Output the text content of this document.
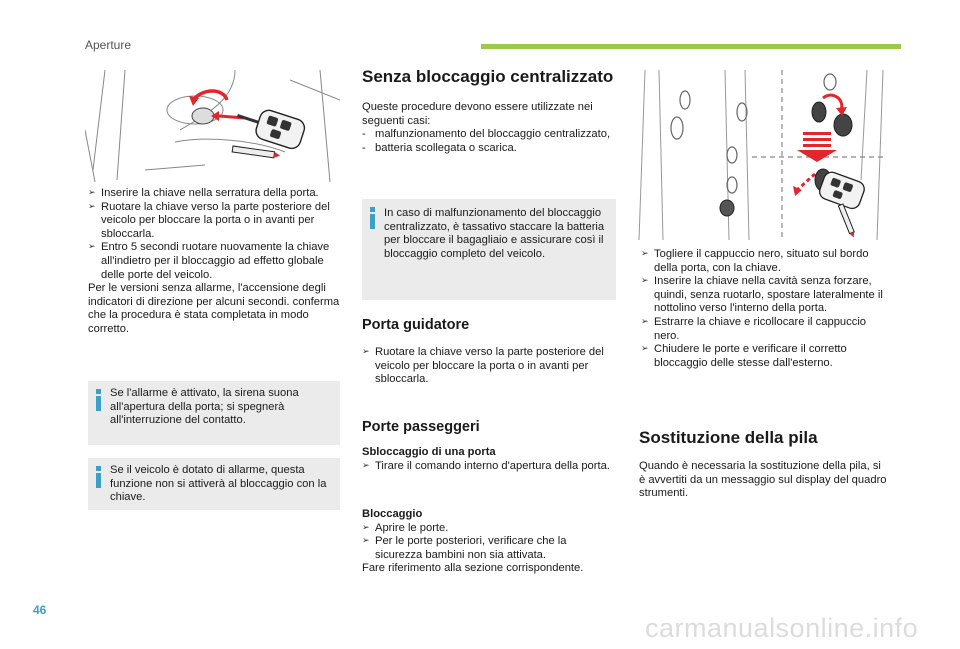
Aperture
46
carmanualsonline.info
➢ Inserire la chiave nella serratura della porta.
➢ Ruotare la chiave verso la parte posteriore del veicolo per bloccare la porta o in avanti per sbloccarla.
➢ Entro 5 secondi ruotare nuovamente la chiave all'indietro per il bloccaggio ad effetto globale delle porte del veicolo.

Per le versioni senza allarme, l'accensione degli indicatori di direzione per alcuni secondi. conferma che la procedura è stata completata in modo corretto.

Se l'allarme è attivato, la sirena suona all'apertura della porta; si spegnerà all'interruzione del contatto.
Se il veicolo è dotato di allarme, questa funzione non si attiverà al bloccaggio con la chiave.
Senza bloccaggio centralizzato

Queste procedure devono essere utilizzate nei seguenti casi:

- malfunzionamento del bloccaggio centralizzato,
- batteria scollegata o scarica.
In caso di malfunzionamento del bloccaggio centralizzato, è tassativo staccare la batteria per bloccare il bagagliaio e assicurare così il bloccaggio completo del veicolo.
Porta guidatore
➢ Ruotare la chiave verso la parte posteriore del veicolo per bloccare la porta o in avanti per sbloccarla.
Porte passeggeri

Sbloccaggio di una porta

➢ Tirare il comando interno d'apertura della porta.

Bloccaggio

➢ Aprire le porte.
➢ Per le porte posteriori, verificare che la sicurezza bambini non sia attivata.

Fare riferimento alla sezione corrispondente.

➢ Togliere il cappuccio nero, situato sul bordo della porta, con la chiave.
➢ Inserire la chiave nella cavità senza forzare, quindi, senza ruotarlo, spostare lateralmente il nottolino verso l'interno della porta.
➢ Estrarre la chiave e ricollocare il cappuccio nero.
➢ Chiudere le porte e verificare il corretto bloccaggio delle stesse dall'esterno.
Sostituzione della pila

Quando è necessaria la sostituzione della pila, si è avvertiti da un messaggio sul display del quadro strumenti.
